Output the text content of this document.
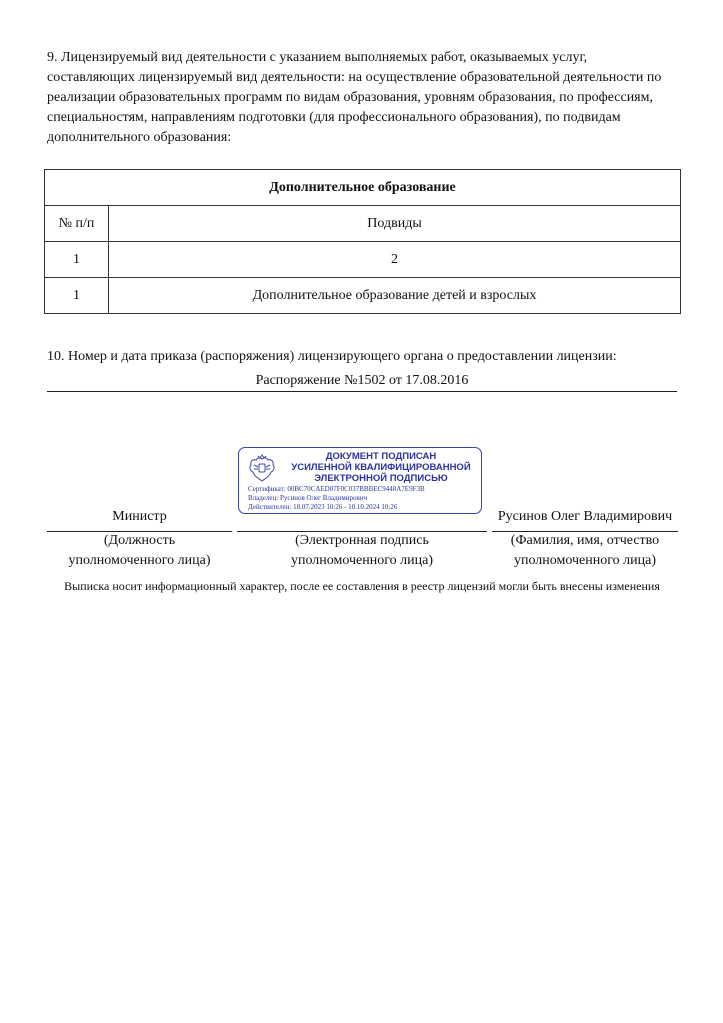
9. Лицензируемый вид деятельности с указанием выполняемых работ, оказываемых услуг, составляющих лицензируемый вид деятельности: на осуществление образовательной деятельности по реализации образовательных программ по видам образования, уровням образования, по профессиям, специальностям, направлениям подготовки (для профессионального образования), по подвидам дополнительного образования:

Дополнительное образование	
№ п/п	Подвиды
1	2
1	Дополнительное образование детей и взрослых
10. Номер и дата приказа (распоряжения) лицензирующего органа о предоставлении лицензии:
Распоряжение №1502 от 17.08.2016
ДОКУМЕНТ ПОДПИСАН
УСИЛЕННОЙ КВАЛИФИЦИРОВАННОЙ
ЭЛЕКТРОННОЙ ПОДПИСЬЮ
Сертификат: 00BC70CAED07F0C037BBBEC9448A7E9F3B
Владелец: Русинов Олег Владимирович
Действителен: 18.07.2023 10:26 - 10.10.2024 10:26
Министр	Русинов Олег Владимирович
(Должность
уполномоченного лица)
(Электронная подпись
уполномоченного лица)
(Фамилия, имя, отчество
уполномоченного лица)
Выписка носит информационный характер, после ее составления в реестр лицензий могли быть внесены изменения
